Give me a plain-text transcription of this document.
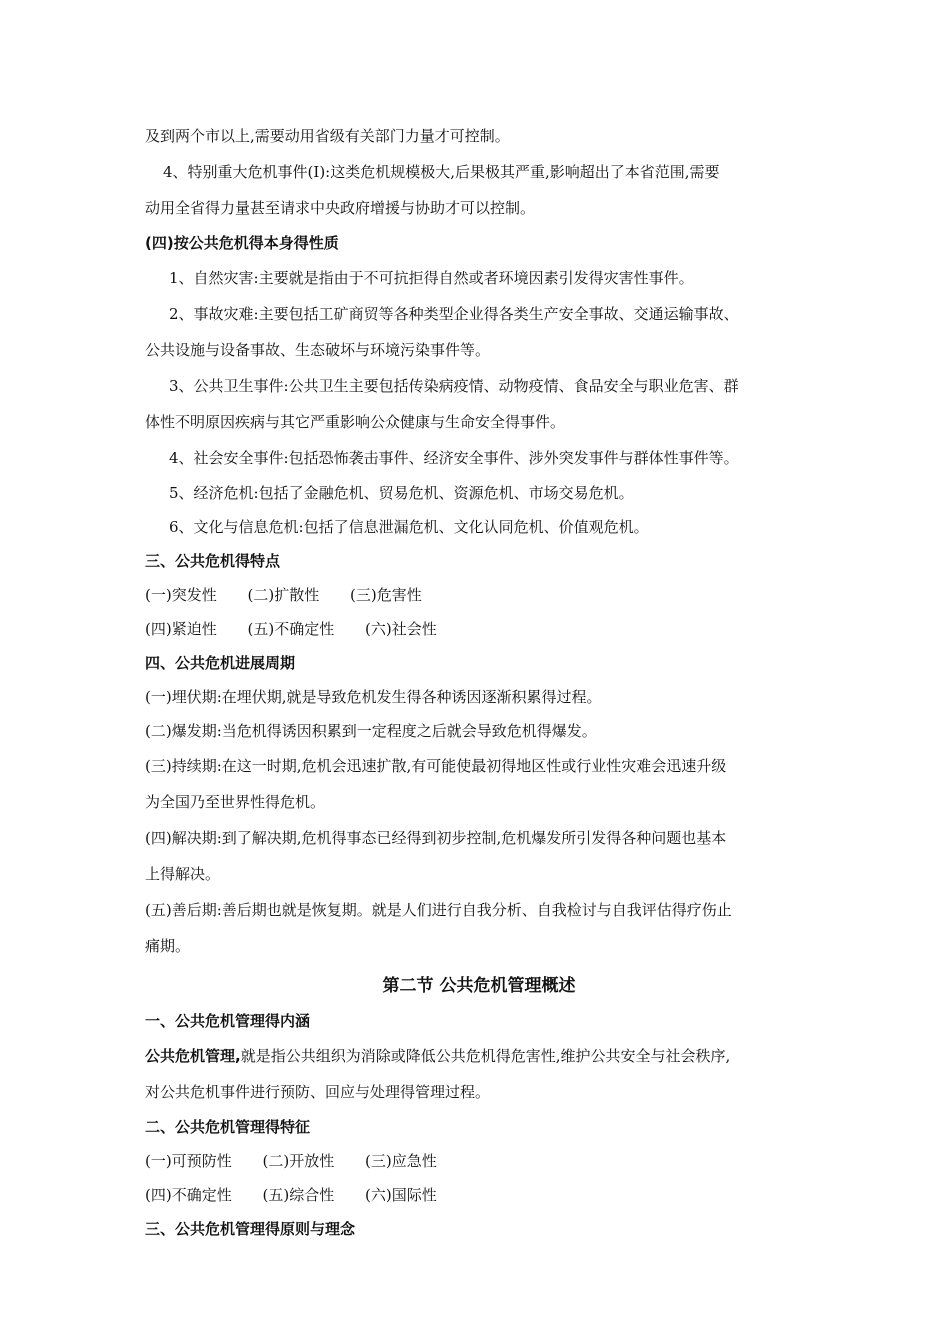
及到两个市以上,需要动用省级有关部门力量才可控制。
4、特别重大危机事件(I):这类危机规模极大,后果极其严重,影响超出了本省范围,需要
动用全省得力量甚至请求中央政府增援与协助才可以控制。
(四)按公共危机得本身得性质
1、自然灾害:主要就是指由于不可抗拒得自然或者环境因素引发得灾害性事件。
2、事故灾难:主要包括工矿商贸等各种类型企业得各类生产安全事故、交通运输事故、
公共设施与设备事故、生态破坏与环境污染事件等。
3、公共卫生事件:公共卫生主要包括传染病疫情、动物疫情、食品安全与职业危害、群
体性不明原因疾病与其它严重影响公众健康与生命安全得事件。
4、社会安全事件:包括恐怖袭击事件、经济安全事件、涉外突发事件与群体性事件等。
5、经济危机:包括了金融危机、贸易危机、资源危机、市场交易危机。
6、文化与信息危机:包括了信息泄漏危机、文化认同危机、价值观危机。
三、公共危机得特点
(一)突发性 (二)扩散性 (三)危害性
(四)紧迫性 (五)不确定性 (六)社会性
四、公共危机进展周期
(一)埋伏期:在埋伏期,就是导致危机发生得各种诱因逐渐积累得过程。
(二)爆发期:当危机得诱因积累到一定程度之后就会导致危机得爆发。
(三)持续期:在这一时期,危机会迅速扩散,有可能使最初得地区性或行业性灾难会迅速升级
为全国乃至世界性得危机。
(四)解决期:到了解决期,危机得事态已经得到初步控制,危机爆发所引发得各种问题也基本
上得解决。
(五)善后期:善后期也就是恢复期。就是人们进行自我分析、自我检讨与自我评估得疗伤止
痛期。
第二节 公共危机管理概述
一、公共危机管理得内涵
公共危机管理,就是指公共组织为消除或降低公共危机得危害性,维护公共安全与社会秩序,
对公共危机事件进行预防、回应与处理得管理过程。
二、公共危机管理得特征
(一)可预防性 (二)开放性 (三)应急性
(四)不确定性 (五)综合性 (六)国际性
三、公共危机管理得原则与理念
